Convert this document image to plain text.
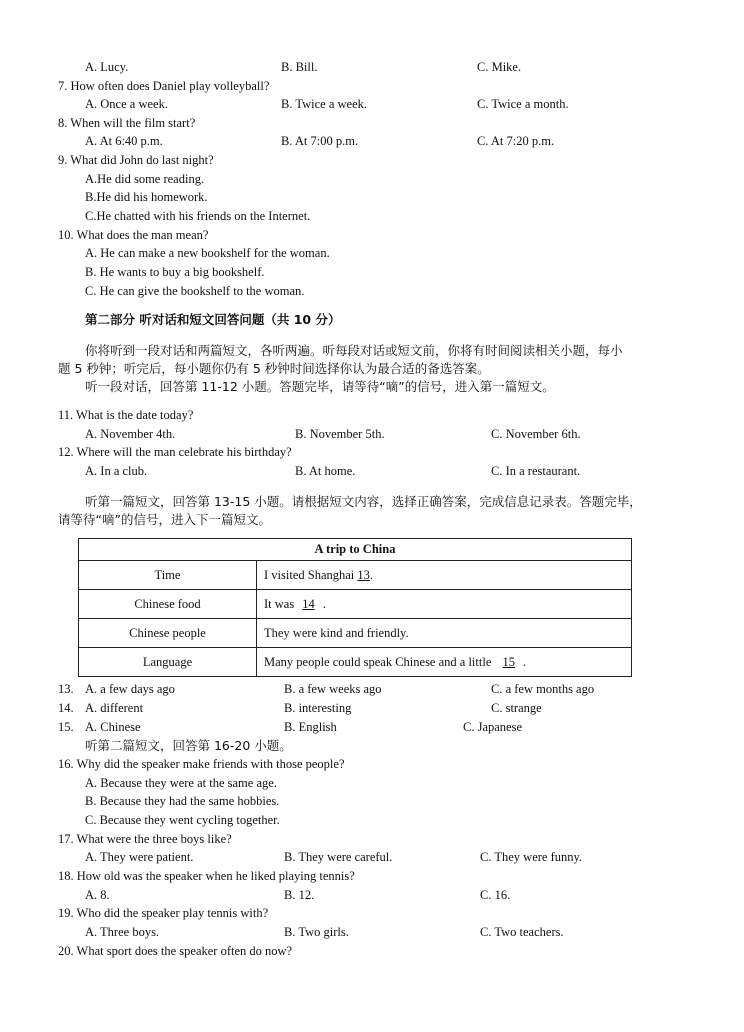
A. Lucy.	B. Bill.	C. Mike.
7. How often does Daniel play volleyball?
A. Once a week.	B. Twice a week.	C. Twice a month.
8. When will the film start?
A. At 6:40 p.m.	B. At 7:00 p.m.	C. At 7:20 p.m.
9. What did John do last night?
A.He did some reading.
B.He did his homework.
C.He chatted with his friends on the Internet.
10. What does the man mean?
A. He can make a new bookshelf for the woman.
B. He wants to buy a big bookshelf.
C. He can give the bookshelf to the woman.
第二部分 听对话和短文回答问题（共 10 分）
你将听到一段对话和两篇短文，各听两遍。听每段对话或短文前，你将有时间阅读相关小题，每小
题 5 秒钟；听完后，每小题你仍有 5 秒钟时间选择你认为最合适的备选答案。
听一段对话，回答第 11-12 小题。答题完毕，请等待“嘀”的信号，进入第一篇短文。
11. What is the date today?
A. November 4th.	B. November 5th.	C. November 6th.
12. Where will the man celebrate his birthday?
A. In a club.	B. At home.	C. In a restaurant.
听第一篇短文，回答第 13-15 小题。请根据短文内容，选择正确答案，完成信息记录表。答题完毕，
请等待“嘀”的信号，进入下一篇短文。
A trip to China	
Time	I visited Shanghai 13.
Chinese food	It was 14 .
Chinese people	They were kind and friendly.
Language	Many people could speak Chinese and a little 15 .
13. A. a few days ago	B. a few weeks ago	C. a few months ago
14. A. different	B. interesting	C. strange
15. A. Chinese	B. English	C. Japanese
听第二篇短文，回答第 16-20 小题。
16. Why did the speaker make friends with those people?
A. Because they were at the same age.
B. Because they had the same hobbies.
C. Because they went cycling together.
17. What were the three boys like?
A. They were patient.	B. They were careful.	C. They were funny.
18. How old was the speaker when he liked playing tennis?
A. 8.	B. 12.	C. 16.
19. Who did the speaker play tennis with?
A. Three boys.	B. Two girls.	C. Two teachers.
20. What sport does the speaker often do now?
